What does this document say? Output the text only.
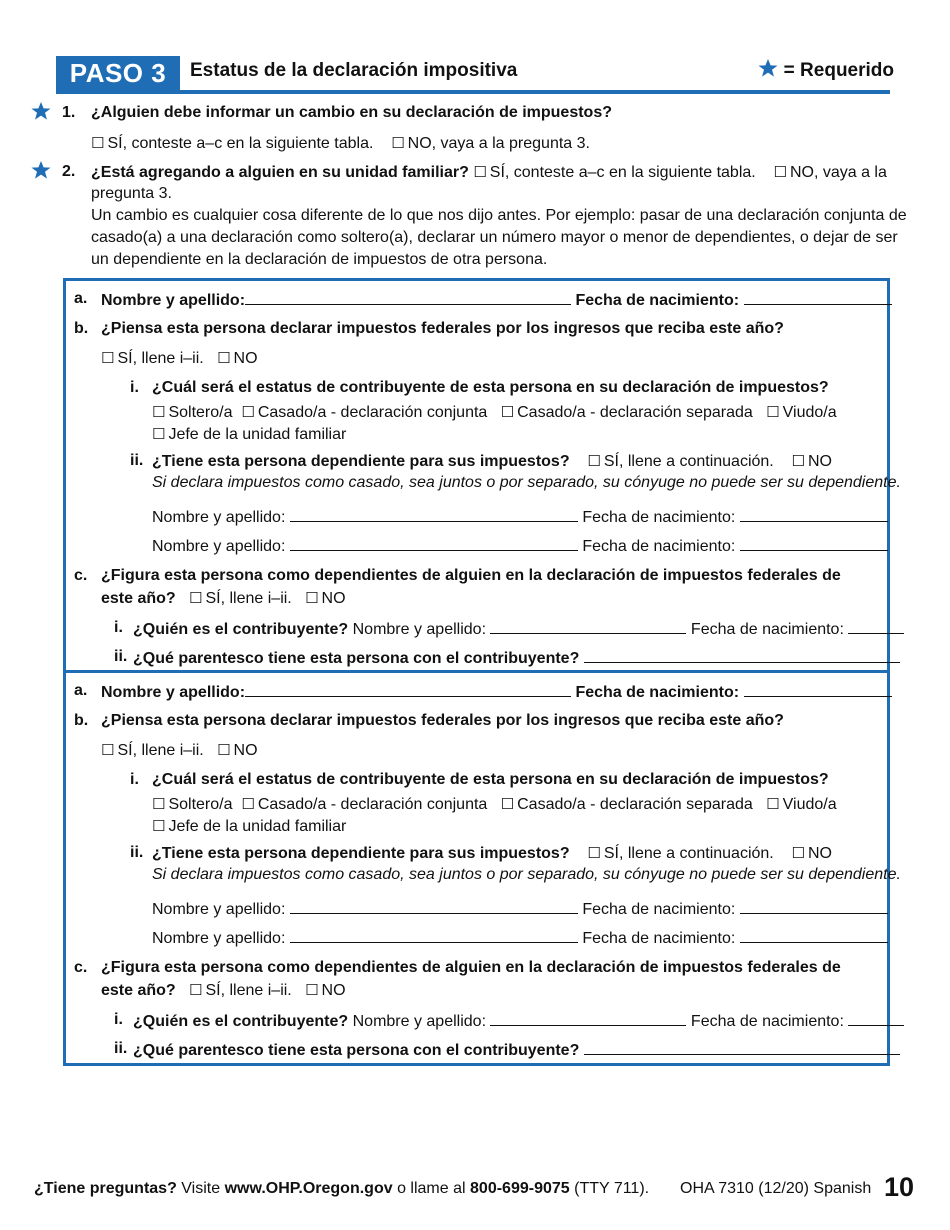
PASO 3	Estatus de la declaración impositiva	= Requerido
1. ¿Alguien debe informar un cambio en su declaración de impuestos?
☐ SÍ, conteste a–c en la siguiente tabla. ☐ NO, vaya a la pregunta 3.
2. ¿Está agregando a alguien en su unidad familiar? ☐ SÍ, conteste a–c en la siguiente tabla. ☐ NO, vaya a la
pregunta 3.
Un cambio es cualquier cosa diferente de lo que nos dijo antes. Por ejemplo: pasar de una declaración conjunta de
casado(a) a una declaración como soltero(a), declarar un número mayor o menor de dependientes, o dejar de ser
un dependiente en la declaración de impuestos de otra persona.
a. Nombre y apellido:	Fecha de nacimiento:
b. ¿Piensa esta persona declarar impuestos federales por los ingresos que reciba este año?
☐ SÍ, llene i–ii. ☐ NO
i. ¿Cuál será el estatus de contribuyente de esta persona en su declaración de impuestos?
☐ Soltero/a ☐ Casado/a - declaración conjunta ☐ Casado/a - declaración separada ☐ Viudo/a
☐ Jefe de la unidad familiar
ii. ¿Tiene esta persona dependiente para sus impuestos? ☐ SÍ, llene a continuación. ☐ NO
Si declara impuestos como casado, sea juntos o por separado, su cónyuge no puede ser su dependiente.
Nombre y apellido:	Fecha de nacimiento:
Nombre y apellido:	Fecha de nacimiento:
c. ¿Figura esta persona como dependientes de alguien en la declaración de impuestos federales de
este año? ☐ SÍ, llene i–ii. ☐ NO
i. ¿Quién es el contribuyente? Nombre y apellido:	Fecha de nacimiento:
ii. ¿Qué parentesco tiene esta persona con el contribuyente?
a. Nombre y apellido:	Fecha de nacimiento:
b. ¿Piensa esta persona declarar impuestos federales por los ingresos que reciba este año?
☐ SÍ, llene i–ii. ☐ NO
i. ¿Cuál será el estatus de contribuyente de esta persona en su declaración de impuestos?
☐ Soltero/a ☐ Casado/a - declaración conjunta ☐ Casado/a - declaración separada ☐ Viudo/a
☐ Jefe de la unidad familiar
ii. ¿Tiene esta persona dependiente para sus impuestos? ☐ SÍ, llene a continuación. ☐ NO
Si declara impuestos como casado, sea juntos o por separado, su cónyuge no puede ser su dependiente.
Nombre y apellido:	Fecha de nacimiento:
Nombre y apellido:	Fecha de nacimiento:
c. ¿Figura esta persona como dependientes de alguien en la declaración de impuestos federales de
este año? ☐ SÍ, llene i–ii. ☐ NO
i. ¿Quién es el contribuyente? Nombre y apellido:	Fecha de nacimiento:
ii. ¿Qué parentesco tiene esta persona con el contribuyente?
¿Tiene preguntas? Visite www.OHP.Oregon.gov o llame al 800-699-9075 (TTY 711). OHA 7310 (12/20) Spanish 10
